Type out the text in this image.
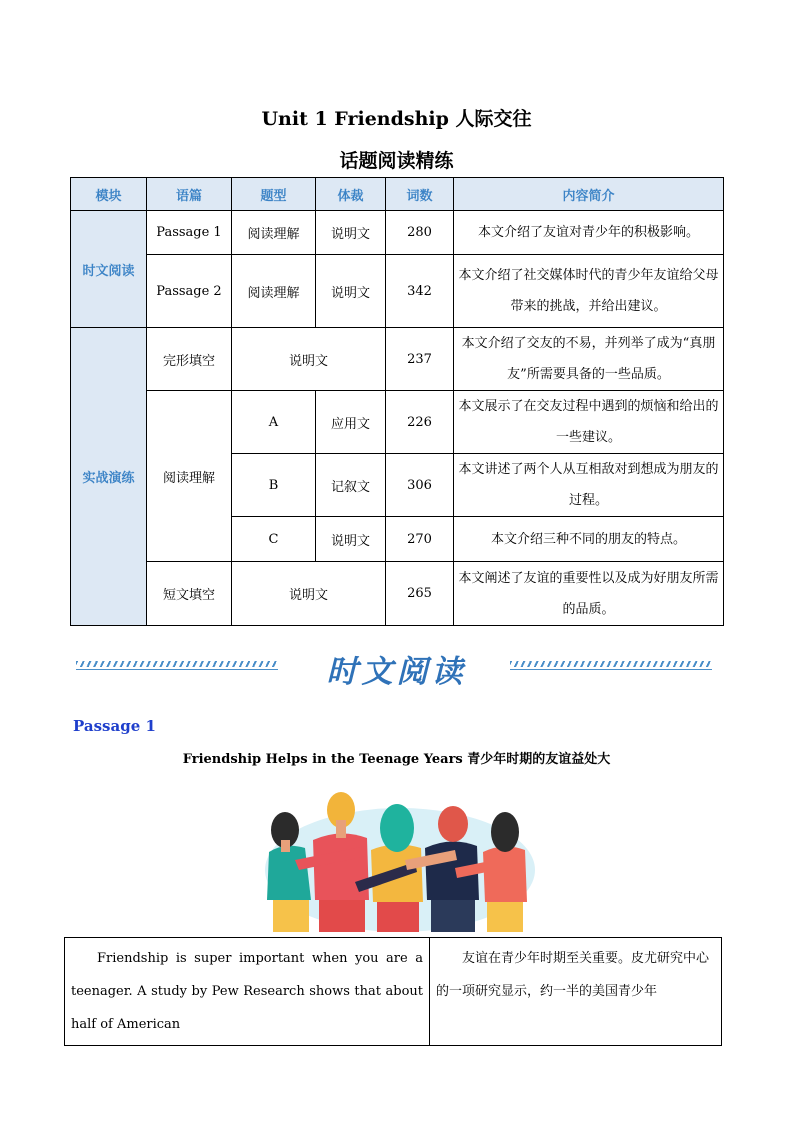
Unit 1 Friendship 人际交往
话题阅读精练
模块	语篇	题型	体裁	词数	内容简介
时文阅读	Passage 1	阅读理解	说明文	280	本文介绍了友谊对青少年的积极影响。
	Passage 2	阅读理解	说明文	342	本文介绍了社交媒体时代的青少年友谊给父母带来的挑战，并给出建议。
实战演练	完形填空	说明文		237	本文介绍了交友的不易，并列举了成为“真朋友”所需要具备的一些品质。
	阅读理解	A	应用文	226	本文展示了在交友过程中遇到的烦恼和给出的一些建议。
		B	记叙文	306	本文讲述了两个人从互相敌对到想成为朋友的过程。
		C	说明文	270	本文介绍三种不同的朋友的特点。
	短文填空	说明文		265	本文阐述了友谊的重要性以及成为好朋友所需的品质。
时文阅读
Passage 1
Friendship Helps in the Teenage Years 青少年时期的友谊益处大
Friendship is super important when you are a teenager. A study by Pew Research shows that about half of American	友谊在青少年时期至关重要。皮尤研究中心的一项研究显示，约一半的美国青少年
